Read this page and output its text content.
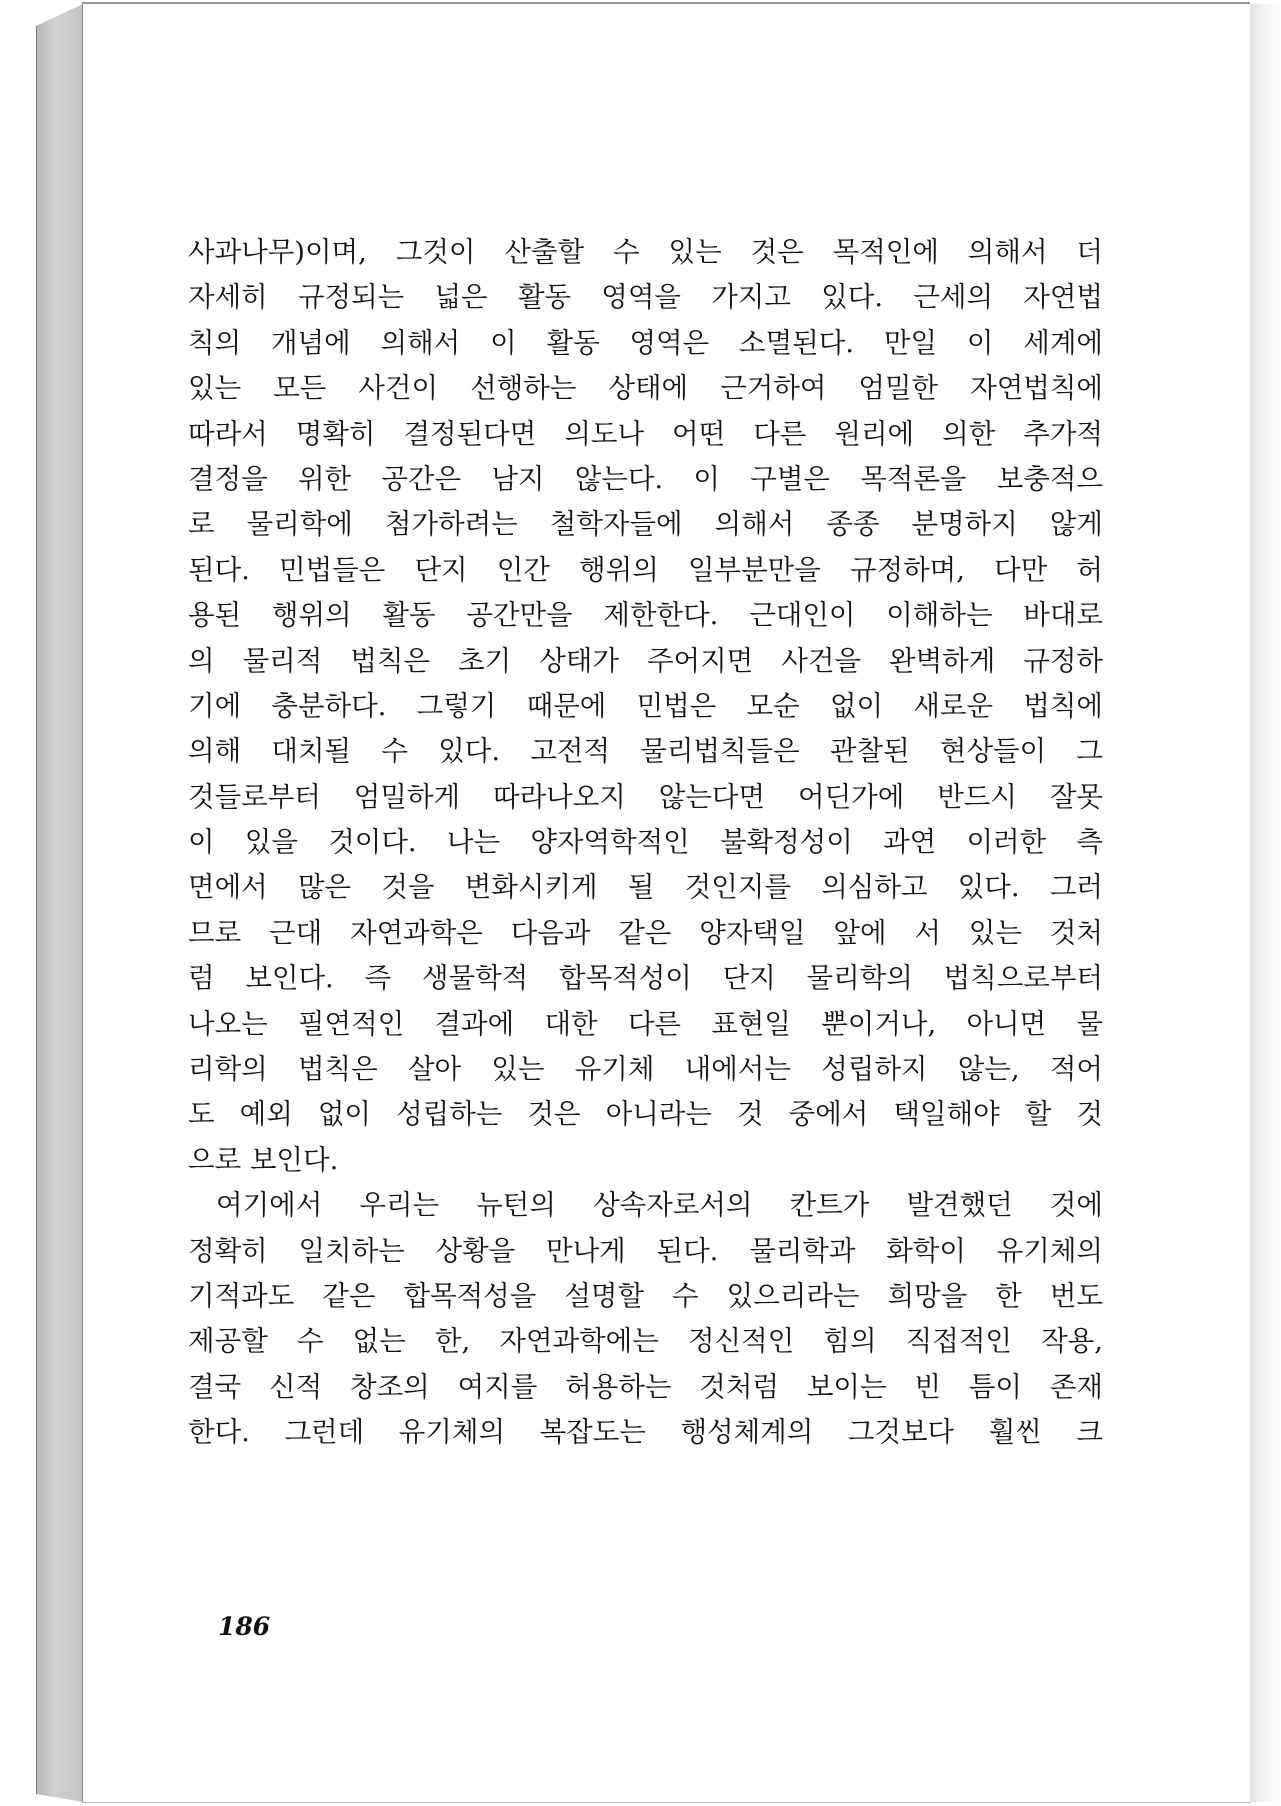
사과나무)이며, 그것이 산출할 수 있는 것은 목적인에 의해서 더
자세히 규정되는 넓은 활동 영역을 가지고 있다. 근세의 자연법
칙의 개념에 의해서 이 활동 영역은 소멸된다. 만일 이 세계에
있는 모든 사건이 선행하는 상태에 근거하여 엄밀한 자연법칙에
따라서 명확히 결정된다면 의도나 어떤 다른 원리에 의한 추가적
결정을 위한 공간은 남지 않는다. 이 구별은 목적론을 보충적으
로 물리학에 첨가하려는 철학자들에 의해서 종종 분명하지 않게
된다. 민법들은 단지 인간 행위의 일부분만을 규정하며, 다만 허
용된 행위의 활동 공간만을 제한한다. 근대인이 이해하는 바대로
의 물리적 법칙은 초기 상태가 주어지면 사건을 완벽하게 규정하
기에 충분하다. 그렇기 때문에 민법은 모순 없이 새로운 법칙에
의해 대치될 수 있다. 고전적 물리법칙들은 관찰된 현상들이 그
것들로부터 엄밀하게 따라나오지 않는다면 어딘가에 반드시 잘못
이 있을 것이다. 나는 양자역학적인 불확정성이 과연 이러한 측
면에서 많은 것을 변화시키게 될 것인지를 의심하고 있다. 그러
므로 근대 자연과학은 다음과 같은 양자택일 앞에 서 있는 것처
럼 보인다. 즉 생물학적 합목적성이 단지 물리학의 법칙으로부터
나오는 필연적인 결과에 대한 다른 표현일 뿐이거나, 아니면 물
리학의 법칙은 살아 있는 유기체 내에서는 성립하지 않는, 적어
도 예외 없이 성립하는 것은 아니라는 것 중에서 택일해야 할 것
으로 보인다.
여기에서 우리는 뉴턴의 상속자로서의 칸트가 발견했던 것에
정확히 일치하는 상황을 만나게 된다. 물리학과 화학이 유기체의
기적과도 같은 합목적성을 설명할 수 있으리라는 희망을 한 번도
제공할 수 없는 한, 자연과학에는 정신적인 힘의 직접적인 작용,
결국 신적 창조의 여지를 허용하는 것처럼 보이는 빈 틈이 존재
한다. 그런데 유기체의 복잡도는 행성체계의 그것보다 훨씬 크
186
